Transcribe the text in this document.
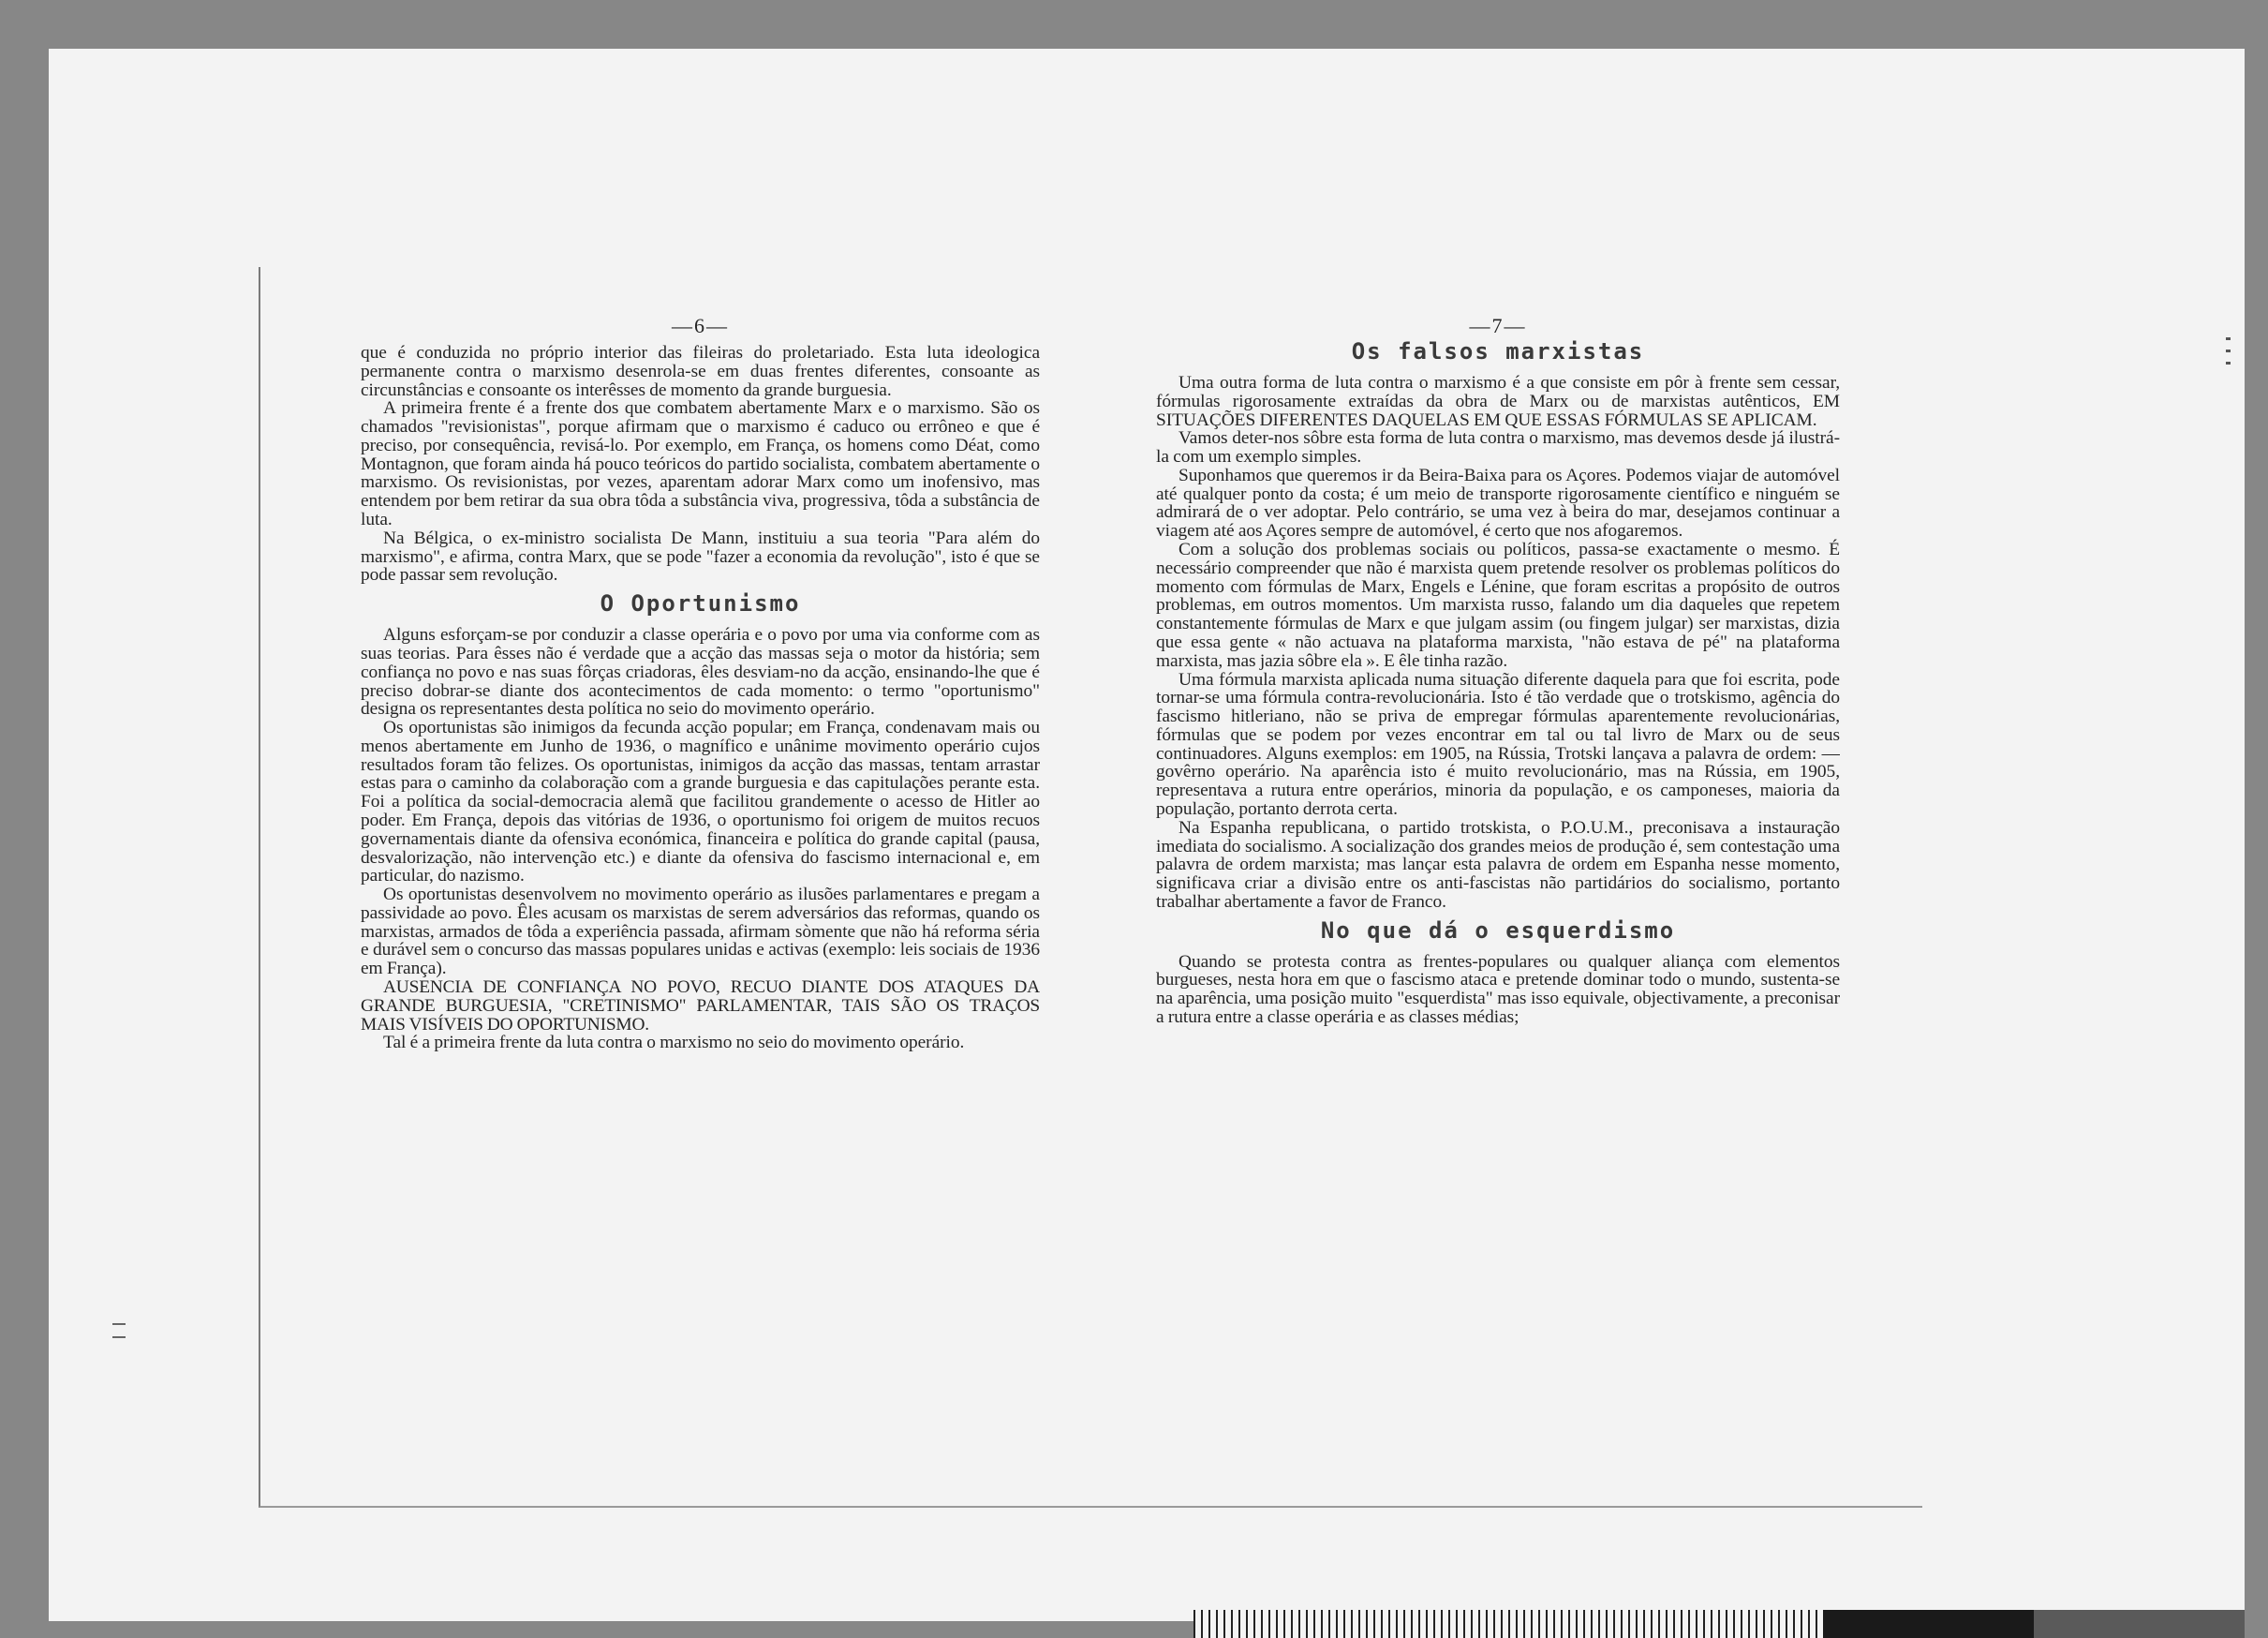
—6—

que é conduzida no próprio interior das fileiras do proletariado. Esta luta ideologica permanente contra o marxismo desenrola-se em duas frentes diferentes, consoante as circunstâncias e consoante os interêsses de momento da grande burguesia.

A primeira frente é a frente dos que combatem abertamente Marx e o marxismo. São os chamados "revisionistas", porque afirmam que o marxismo é caduco ou errôneo e que é preciso, por consequência, revisá-lo. Por exemplo, em França, os homens como Déat, como Montagnon, que foram ainda há pouco teóricos do partido socialista, combatem abertamente o marxismo. Os revisionistas, por vezes, aparentam adorar Marx como um inofensivo, mas entendem por bem retirar da sua obra tôda a substância viva, progressiva, tôda a substância de luta.

Na Bélgica, o ex-ministro socialista De Mann, instituiu a sua teoria "Para além do marxismo", e afirma, contra Marx, que se pode "fazer a economia da revolução", isto é que se pode passar sem revolução.

O Oportunismo

Alguns esforçam-se por conduzir a classe operária e o povo por uma via conforme com as suas teorias. Para êsses não é verdade que a acção das massas seja o motor da história; sem confiança no povo e nas suas fôrças criadoras, êles desviam-no da acção, ensinando-lhe que é preciso dobrar-se diante dos acontecimentos de cada momento: o termo "oportunismo" designa os representantes desta política no seio do movimento operário.

Os oportunistas são inimigos da fecunda acção popular; em França, condenavam mais ou menos abertamente em Junho de 1936, o magnífico e unânime movimento operário cujos resultados foram tão felizes. Os oportunistas, inimigos da acção das massas, tentam arrastar estas para o caminho da colaboração com a grande burguesia e das capitulações perante esta. Foi a política da social-democracia alemã que facilitou grandemente o acesso de Hitler ao poder. Em França, depois das vitórias de 1936, o oportunismo foi origem de muitos recuos governamentais diante da ofensiva económica, financeira e política do grande capital (pausa, desvalorização, não intervenção etc.) e diante da ofensiva do fascismo internacional e, em particular, do nazismo.

Os oportunistas desenvolvem no movimento operário as ilusões parlamentares e pregam a passividade ao povo. Êles acusam os marxistas de serem adversários das reformas, quando os marxistas, armados de tôda a experiência passada, afirmam sòmente que não há reforma séria e durável sem o concurso das massas populares unidas e activas (exemplo: leis sociais de 1936 em França).

AUSENCIA DE CONFIANÇA NO POVO, RECUO DIANTE DOS ATAQUES DA GRANDE BURGUESIA, "CRETINISMO" PARLAMENTAR, TAIS SÃO OS TRAÇOS MAIS VISÍVEIS DO OPORTUNISMO.

Tal é a primeira frente da luta contra o marxismo no seio do movimento operário.

—7—
Os falsos marxistas

Uma outra forma de luta contra o marxismo é a que consiste em pôr à frente sem cessar, fórmulas rigorosamente extraídas da obra de Marx ou de marxistas autênticos, EM SITUAÇÕES DIFERENTES DAQUELAS EM QUE ESSAS FÓRMULAS SE APLICAM.

Vamos deter-nos sôbre esta forma de luta contra o marxismo, mas devemos desde já ilustrá-la com um exemplo simples.

Suponhamos que queremos ir da Beira-Baixa para os Açores. Podemos viajar de automóvel até qualquer ponto da costa; é um meio de transporte rigorosamente científico e ninguém se admirará de o ver adoptar. Pelo contrário, se uma vez à beira do mar, desejamos continuar a viagem até aos Açores sempre de automóvel, é certo que nos afogaremos.

Com a solução dos problemas sociais ou políticos, passa-se exactamente o mesmo. É necessário compreender que não é marxista quem pretende resolver os problemas políticos do momento com fórmulas de Marx, Engels e Lénine, que foram escritas a propósito de outros problemas, em outros momentos. Um marxista russo, falando um dia daqueles que repetem constantemente fórmulas de Marx e que julgam assim (ou fingem julgar) ser marxistas, dizia que essa gente « não actuava na plataforma marxista, "não estava de pé" na plataforma marxista, mas jazia sôbre ela ». E êle tinha razão.

Uma fórmula marxista aplicada numa situação diferente daquela para que foi escrita, pode tornar-se uma fórmula contra-revolucionária. Isto é tão verdade que o trotskismo, agência do fascismo hitleriano, não se priva de empregar fórmulas aparentemente revolucionárias, fórmulas que se podem por vezes encontrar em tal ou tal livro de Marx ou de seus continuadores. Alguns exemplos: em 1905, na Rússia, Trotski lançava a palavra de ordem: — govêrno operário. Na aparência isto é muito revolucionário, mas na Rússia, em 1905, representava a rutura entre operários, minoria da população, e os camponeses, maioria da população, portanto derrota certa.

Na Espanha republicana, o partido trotskista, o P.O.U.M., preconisava a instauração imediata do socialismo. A socialização dos grandes meios de produção é, sem contestação uma palavra de ordem marxista; mas lançar esta palavra de ordem em Espanha nesse momento, significava criar a divisão entre os anti-fascistas não partidários do socialismo, portanto trabalhar abertamente a favor de Franco.

No que dá o esquerdismo

Quando se protesta contra as frentes-populares ou qualquer aliança com elementos burgueses, nesta hora em que o fascismo ataca e pretende dominar todo o mundo, sustenta-se na aparência, uma posição muito "esquerdista" mas isso equivale, objectivamente, a preconisar a rutura entre a classe operária e as classes médias;
